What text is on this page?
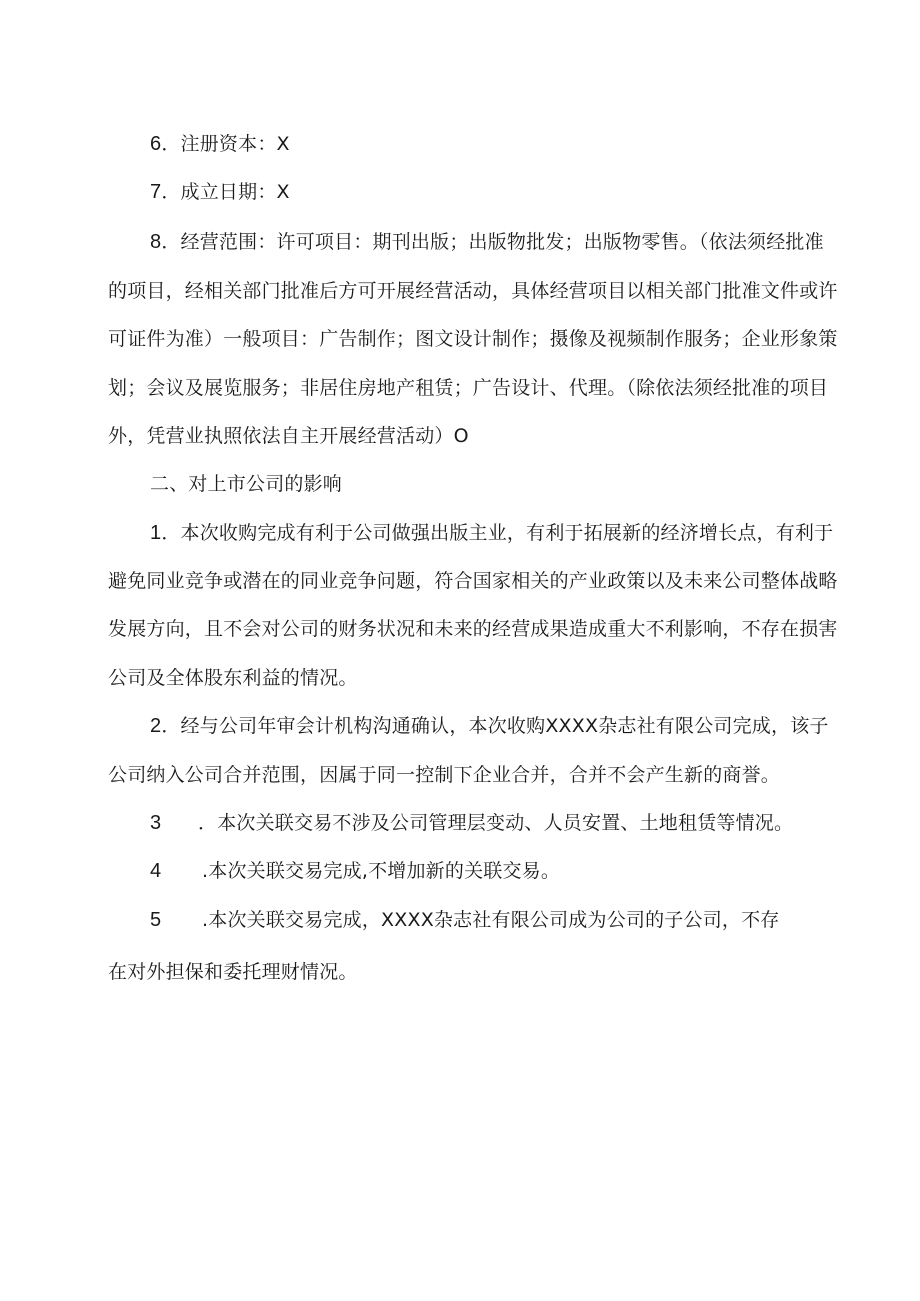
6．注册资本：X
7．成立日期：X
8．经营范围：许可项目：期刊出版；出版物批发；出版物零售。（依法须经批准
的项目，经相关部门批准后方可开展经营活动，具体经营项目以相关部门批准文件或许
可证件为准）一般项目：广告制作；图文设计制作；摄像及视频制作服务；企业形象策
划；会议及展览服务；非居住房地产租赁；广告设计、代理。（除依法须经批准的项目
外，凭营业执照依法自主开展经营活动）O
二、对上市公司的影响
1．本次收购完成有利于公司做强出版主业，有利于拓展新的经济增长点，有利于
避免同业竞争或潜在的同业竞争问题，符合国家相关的产业政策以及未来公司整体战略
发展方向，且不会对公司的财务状况和未来的经营成果造成重大不利影响，不存在损害
公司及全体股东利益的情况。
2．经与公司年审会计机构沟通确认，本次收购XXXX杂志社有限公司完成，该子
公司纳入公司合并范围，因属于同一控制下企业合并，合并不会产生新的商誉。
3 ．本次关联交易不涉及公司管理层变动、人员安置、土地租赁等情况。
4 .本次关联交易完成,不增加新的关联交易。
5 .本次关联交易完成，XXXX杂志社有限公司成为公司的子公司，不存
在对外担保和委托理财情况。
